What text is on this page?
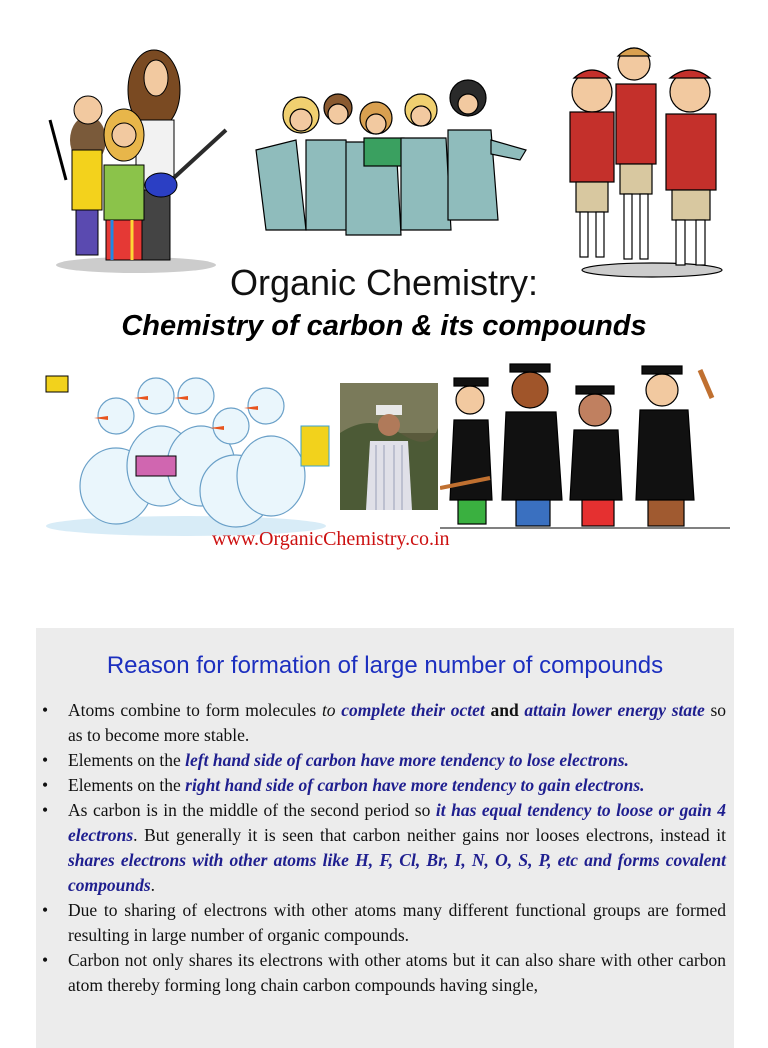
Organic Chemistry:
Chemistry of carbon & its compounds
www.OrganicChemistry.co.in
Reason for formation of large number of compounds
• Atoms combine to form molecules to complete their octet and attain lower energy state so as to become more stable.
• Elements on the left hand side of carbon have more tendency to lose electrons.
• Elements on the right hand side of carbon have more tendency to gain electrons.
• As carbon is in the middle of the second period so it has equal tendency to loose or gain 4 electrons. But generally it is seen that carbon neither gains nor looses electrons, instead it shares electrons with other atoms like H, F, Cl, Br, I, N, O, S, P, etc and forms covalent compounds.
• Due to sharing of electrons with other atoms many different functional groups are formed resulting in large number of organic compounds.
• Carbon not only shares its electrons with other atoms but it can also share with other carbon atom thereby forming long chain carbon compounds having single,
